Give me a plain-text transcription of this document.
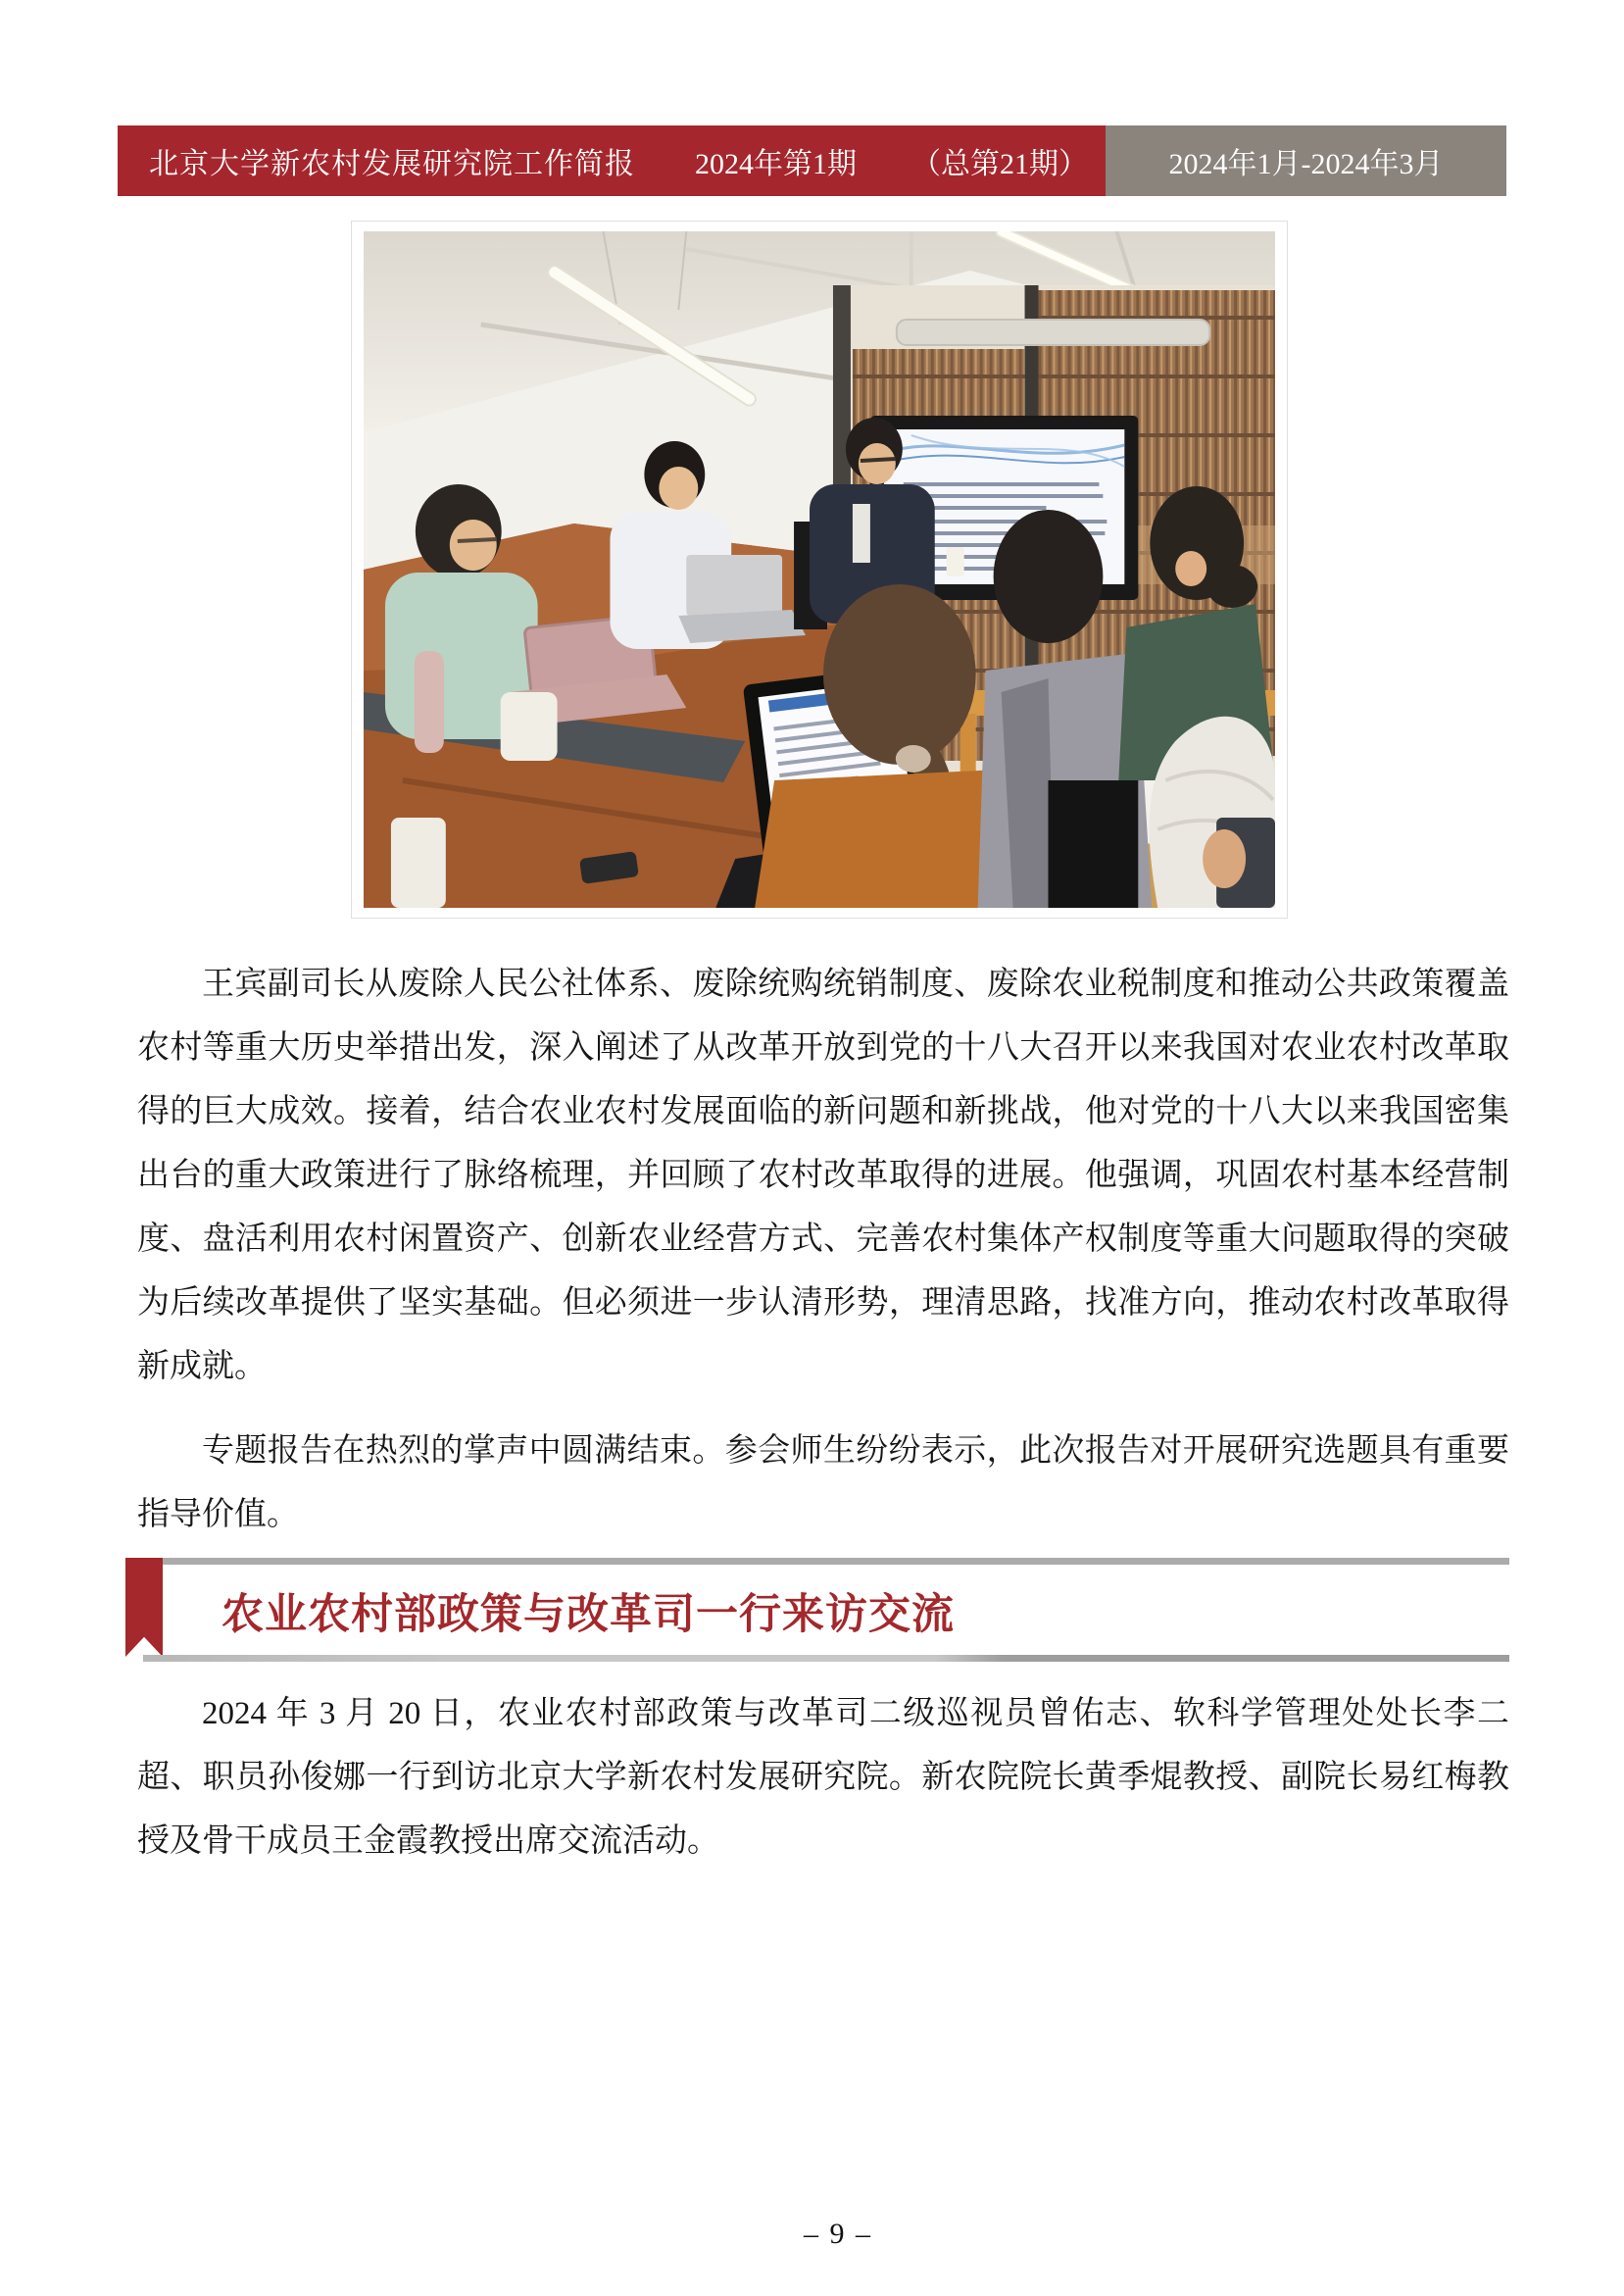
北京大学新农村发展研究院工作简报 2024年第1期 （总第21期）	2024年1月-2024年3月

王宾副司长从废除人民公社体系、废除统购统销制度、废除农业税制度和推动公共政策覆盖农村等重大历史举措出发，深入阐述了从改革开放到党的十八大召开以来我国对农业农村改革取得的巨大成效。接着，结合农业农村发展面临的新问题和新挑战，他对党的十八大以来我国密集出台的重大政策进行了脉络梳理，并回顾了农村改革取得的进展。他强调，巩固农村基本经营制度、盘活利用农村闲置资产、创新农业经营方式、完善农村集体产权制度等重大问题取得的突破为后续改革提供了坚实基础。但必须进一步认清形势，理清思路，找准方向，推动农村改革取得新成就。

专题报告在热烈的掌声中圆满结束。参会师生纷纷表示，此次报告对开展研究选题具有重要指导价值。

农业农村部政策与改革司一行来访交流

2024 年 3 月 20 日，农业农村部政策与改革司二级巡视员曾佑志、软科学管理处处长李二超、职员孙俊娜一行到访北京大学新农村发展研究院。新农院院长黄季焜教授、副院长易红梅教授及骨干成员王金霞教授出席交流活动。

– 9 –
